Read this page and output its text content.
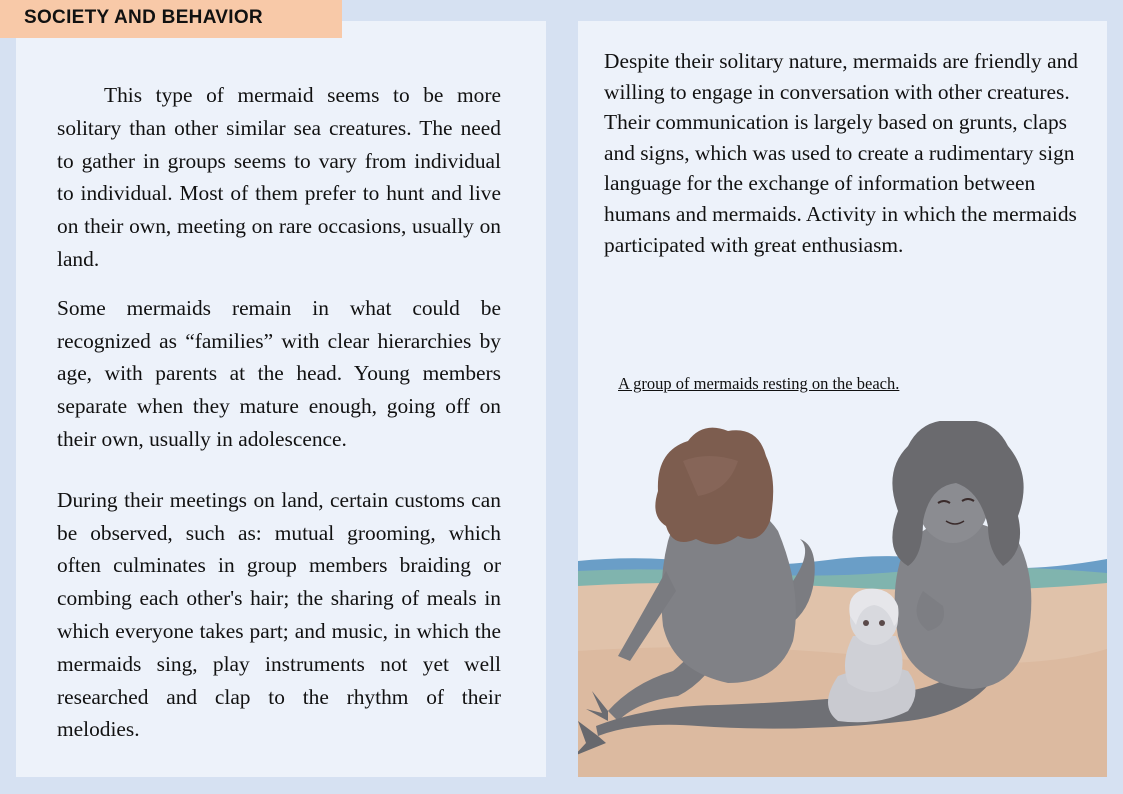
SOCIETY AND BEHAVIOR

This type of mermaid seems to be more solitary than other similar sea creatures. The need to gather in groups seems to vary from individual to individual. Most of them prefer to hunt and live on their own, meeting on rare occasions, usually on land.

Some mermaids remain in what could be recognized as “families” with clear hierarchies by age, with parents at the head. Young members separate when they mature enough, going off on their own, usually in adolescence.

During their meetings on land, certain customs can be observed, such as: mutual grooming, which often culminates in group members braiding or combing each other's hair; the sharing of meals in which everyone takes part; and music, in which the mermaids sing, play instruments not yet well researched and clap to the rhythm of their melodies.

Despite their solitary nature, mermaids are friendly and willing to engage in conversation with other creatures. Their communication is largely based on grunts, claps and signs, which was used to create a rudimentary sign language for the exchange of information between humans and mermaids. Activity in which the mermaids participated with great enthusiasm.

A group of mermaids resting on the beach.
